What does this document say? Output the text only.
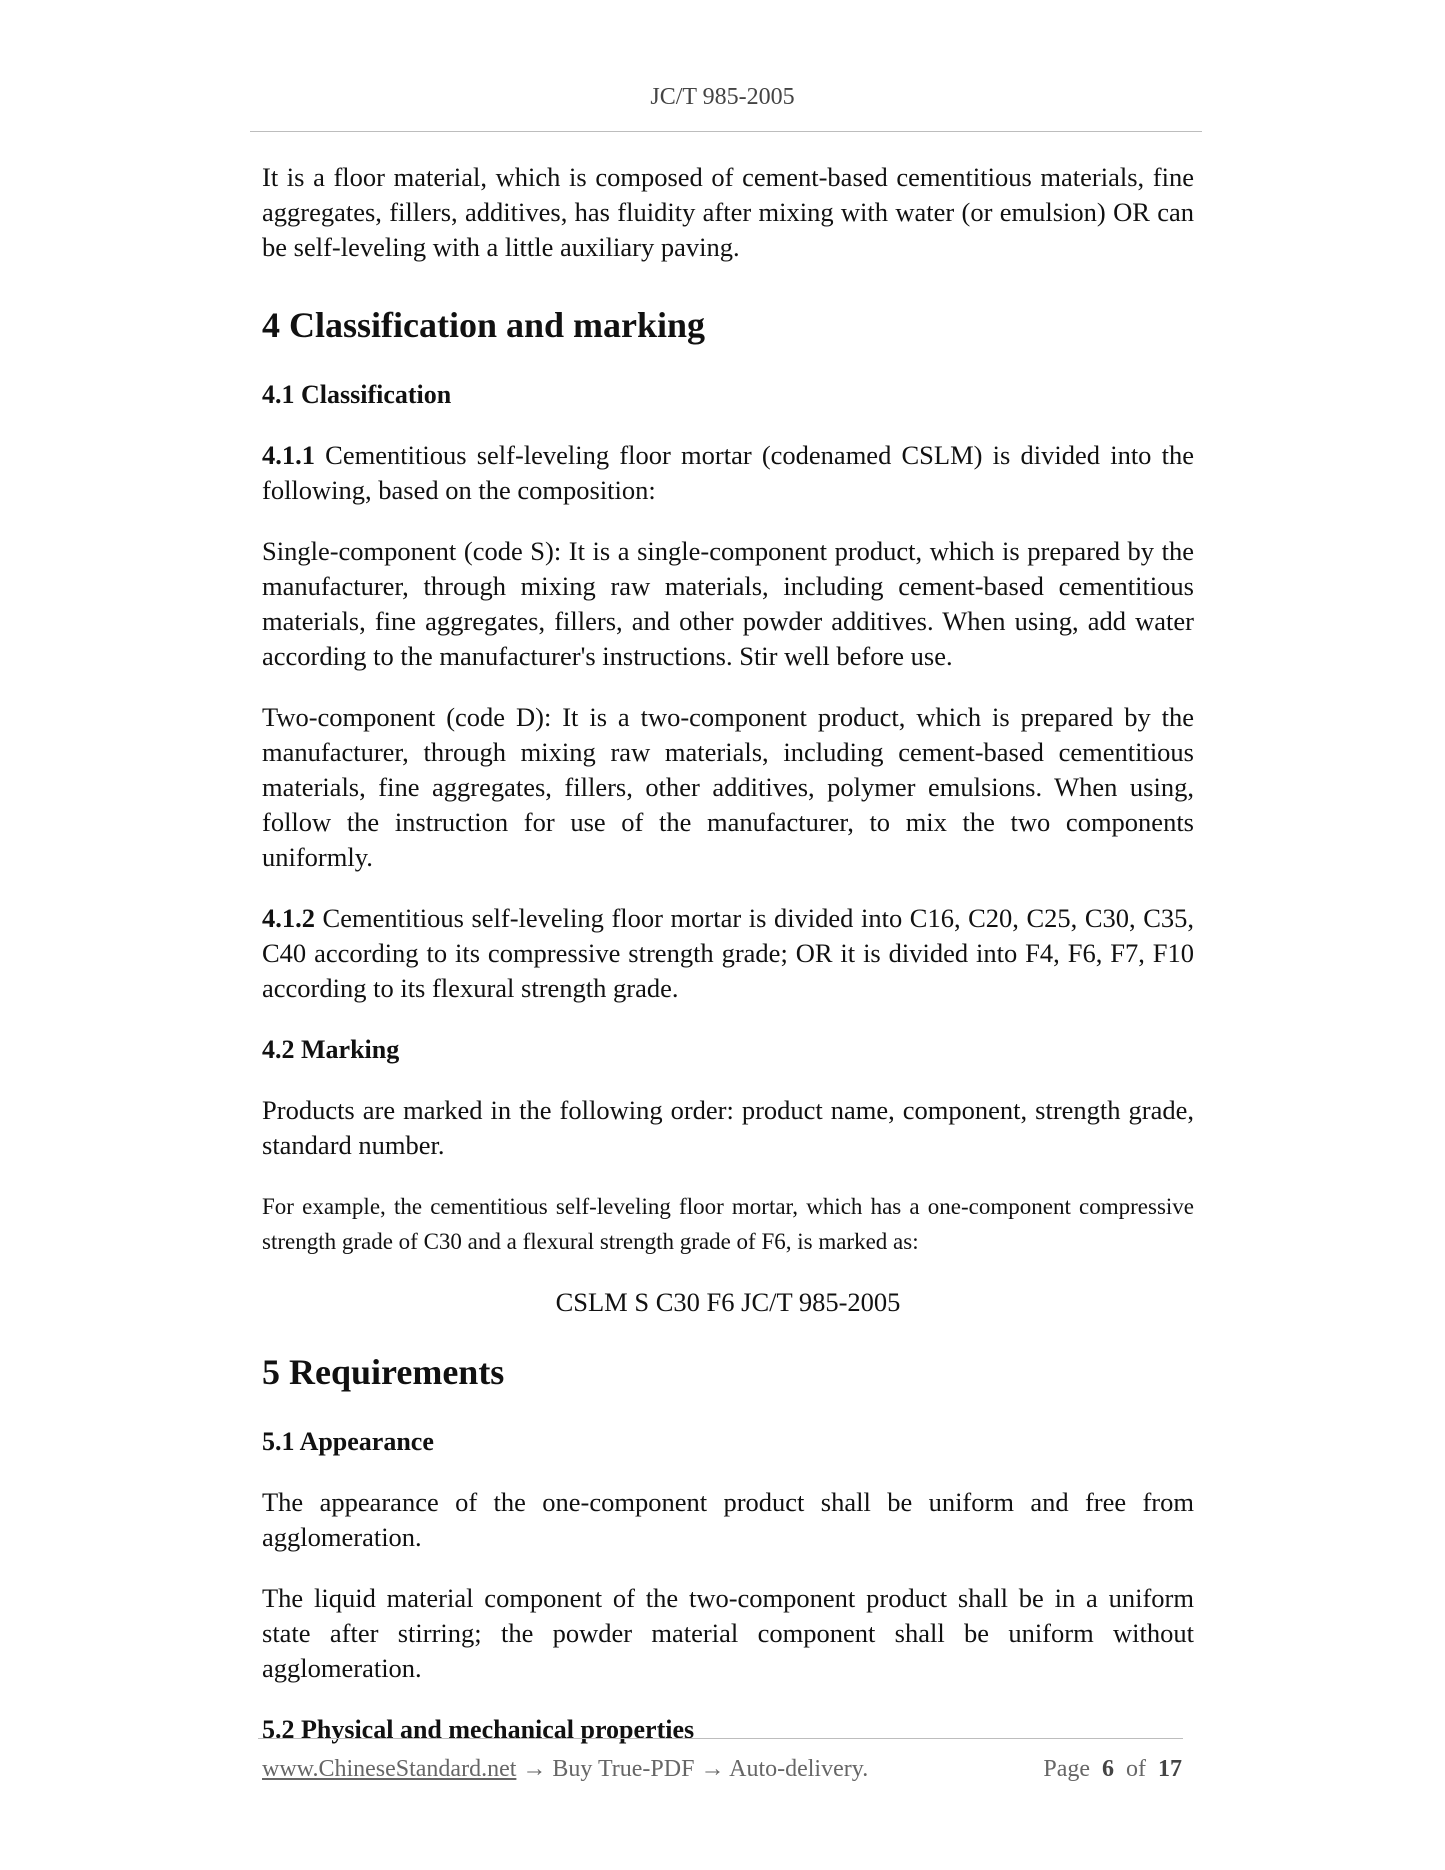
JC/T 985-2005

It is a floor material, which is composed of cement-based cementitious materials, fine aggregates, fillers, additives, has fluidity after mixing with water (or emulsion) OR can be self-leveling with a little auxiliary paving.

4 Classification and marking
4.1 Classification

4.1.1 Cementitious self-leveling floor mortar (codenamed CSLM) is divided into the following, based on the composition:

Single-component (code S): It is a single-component product, which is prepared by the manufacturer, through mixing raw materials, including cement-based cementitious materials, fine aggregates, fillers, and other powder additives. When using, add water according to the manufacturer's instructions. Stir well before use.

Two-component (code D): It is a two-component product, which is prepared by the manufacturer, through mixing raw materials, including cement-based cementitious materials, fine aggregates, fillers, other additives, polymer emulsions. When using, follow the instruction for use of the manufacturer, to mix the two components uniformly.

4.1.2 Cementitious self-leveling floor mortar is divided into C16, C20, C25, C30, C35, C40 according to its compressive strength grade; OR it is divided into F4, F6, F7, F10 according to its flexural strength grade.

4.2 Marking

Products are marked in the following order: product name, component, strength grade, standard number.

For example, the cementitious self-leveling floor mortar, which has a one-component compressive strength grade of C30 and a flexural strength grade of F6, is marked as:

CSLM S C30 F6 JC/T 985-2005

5 Requirements
5.1 Appearance

The appearance of the one-component product shall be uniform and free from agglomeration.

The liquid material component of the two-component product shall be in a uniform state after stirring; the powder material component shall be uniform without agglomeration.

5.2 Physical and mechanical properties
www.ChineseStandard.net → Buy True-PDF → Auto-delivery.	Page 6 of 17
